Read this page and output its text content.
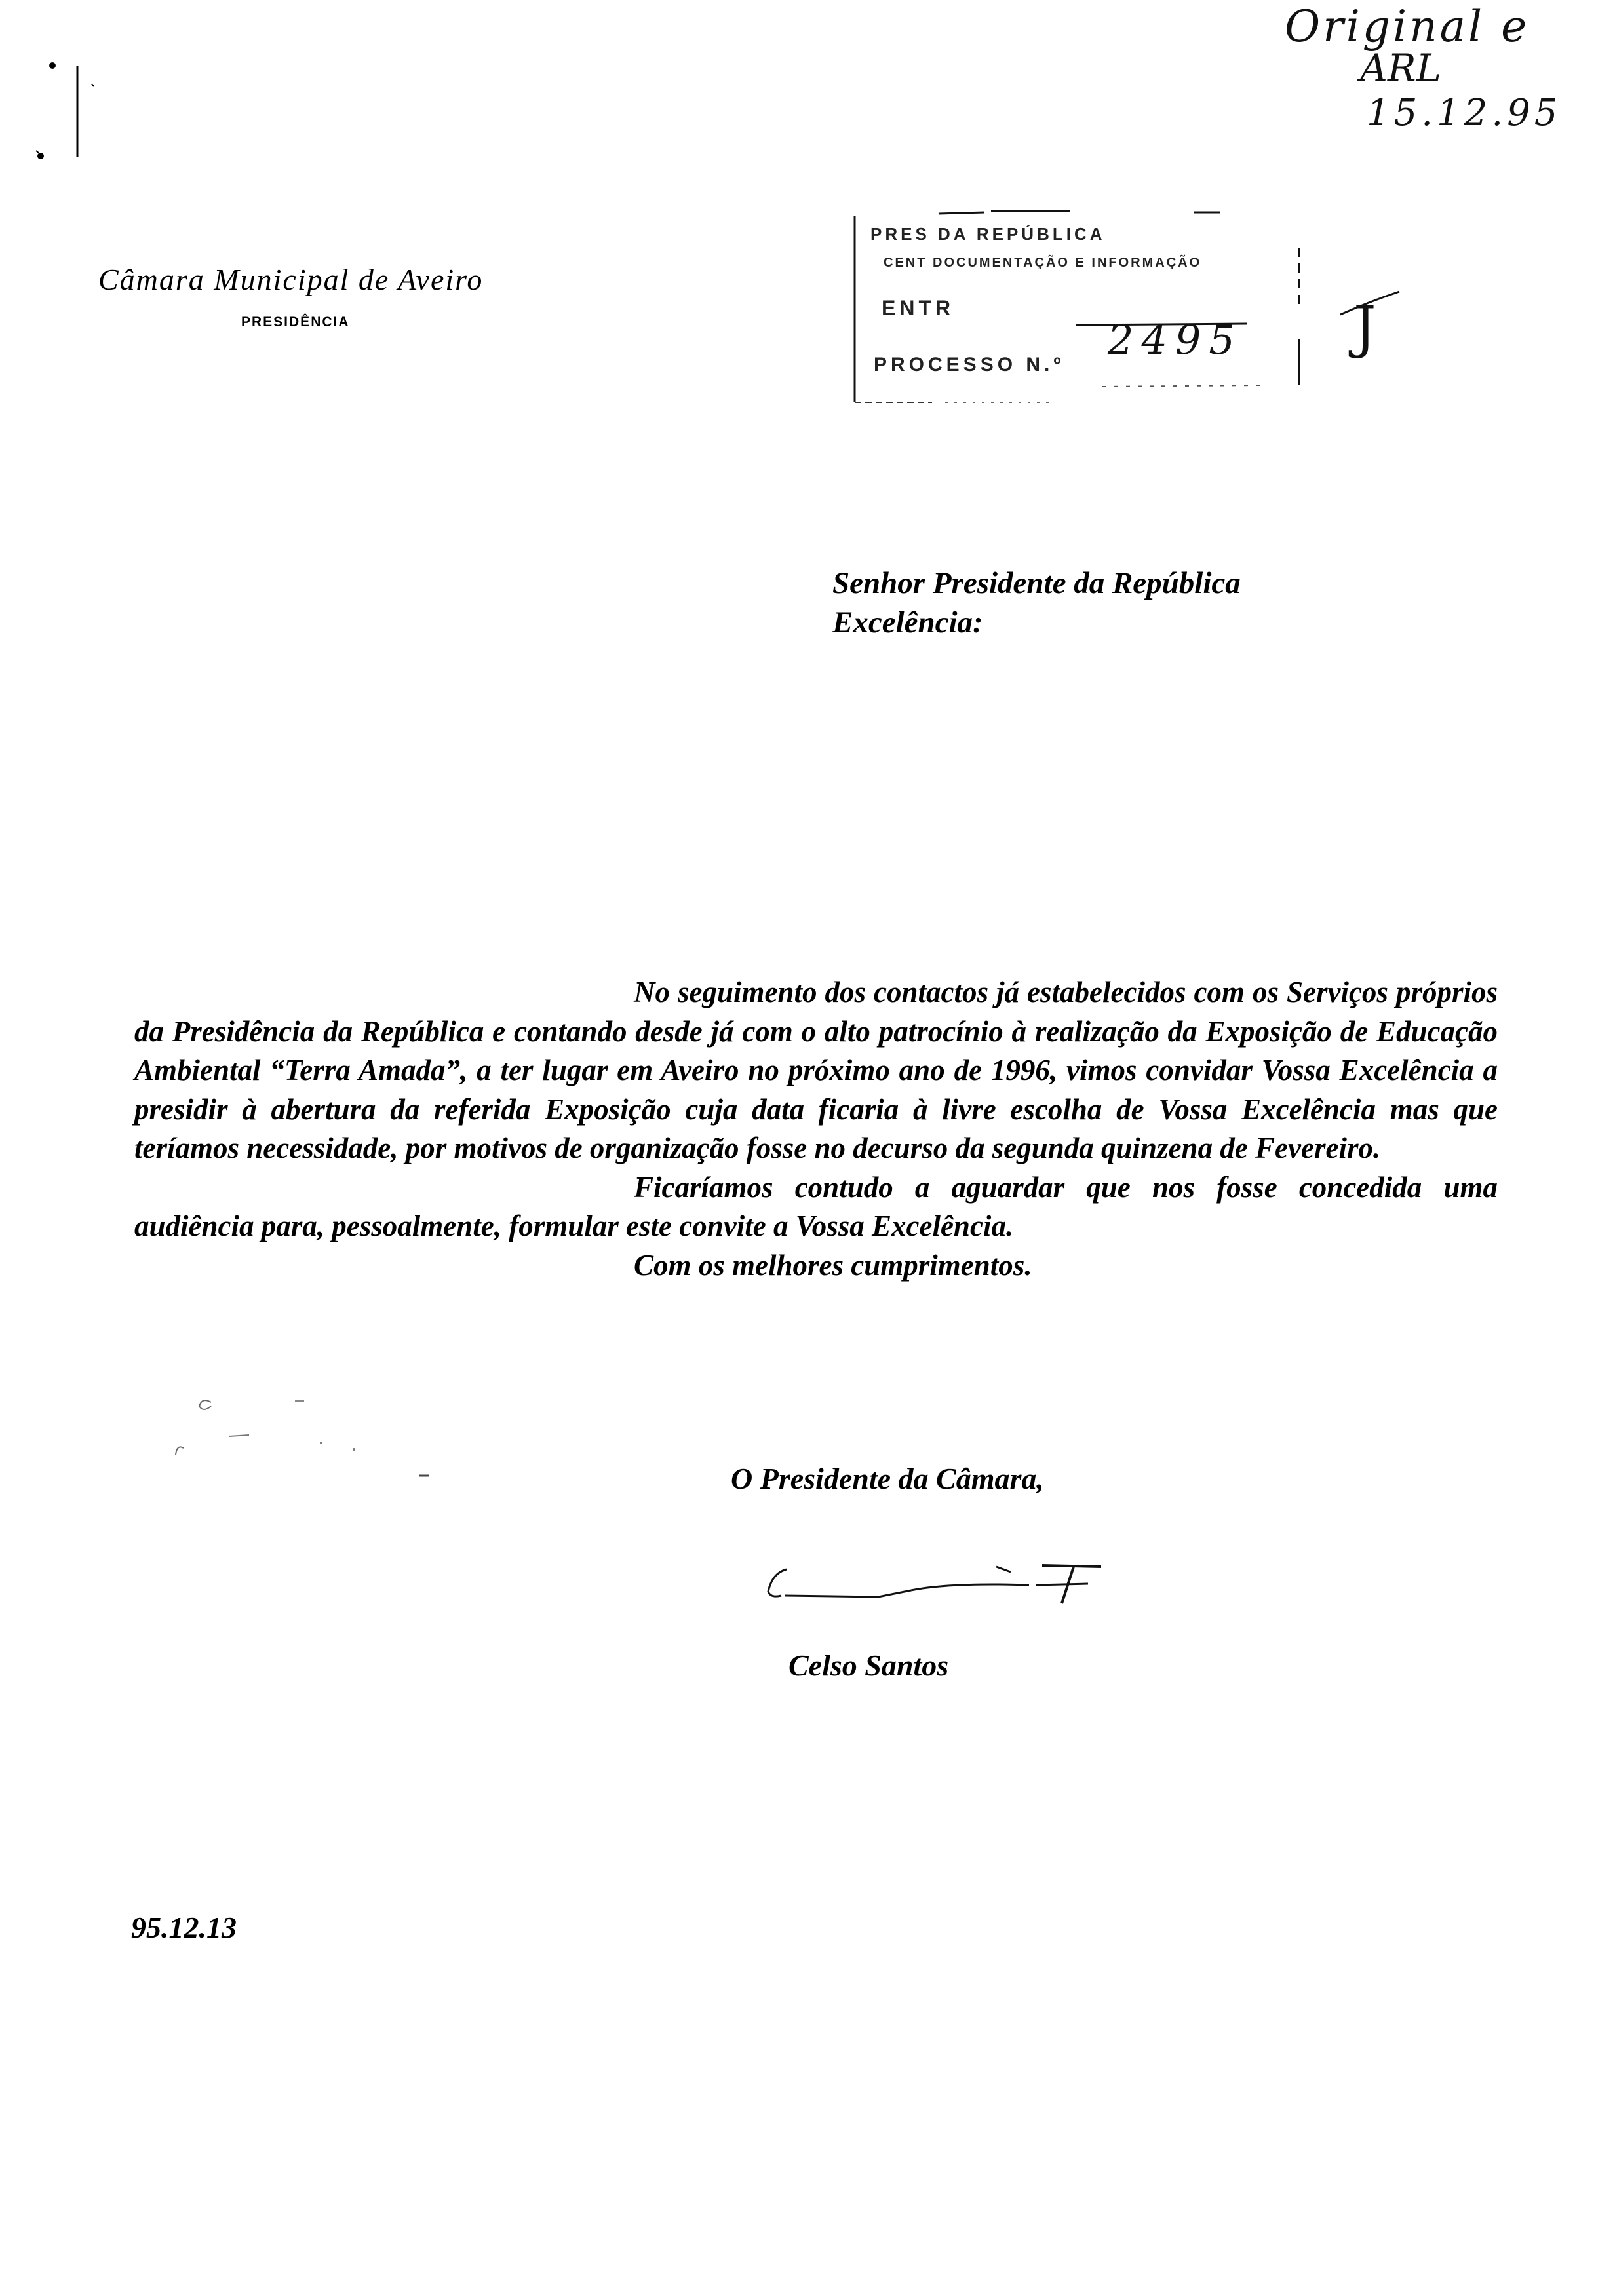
Original e
ARL
15.12.95
Câmara Municipal de Aveiro
PRESIDÊNCIA
PRES DA REPÚBLICA
CENT DOCUMENTAÇÃO E INFORMAÇÃO
ENTR
PROCESSO N.º
2495 J
Senhor Presidente da República
Excelência:

No seguimento dos contactos já estabelecidos com os Serviços próprios da Presidência da República e contando desde já com o alto patrocínio à realização da Exposição de Educação Ambiental “Terra Amada”, a ter lugar em Aveiro no próximo ano de 1996, vimos convidar Vossa Excelência a presidir à abertura da referida Exposição cuja data ficaria à livre escolha de Vossa Excelência mas que teríamos necessidade, por motivos de organização fosse no decurso da segunda quinzena de Fevereiro.

Ficaríamos contudo a aguardar que nos fosse concedida uma audiência para, pessoalmente, formular este convite a Vossa Excelência.

Com os melhores cumprimentos.

O Presidente da Câmara,
Celso Santos
95.12.13
